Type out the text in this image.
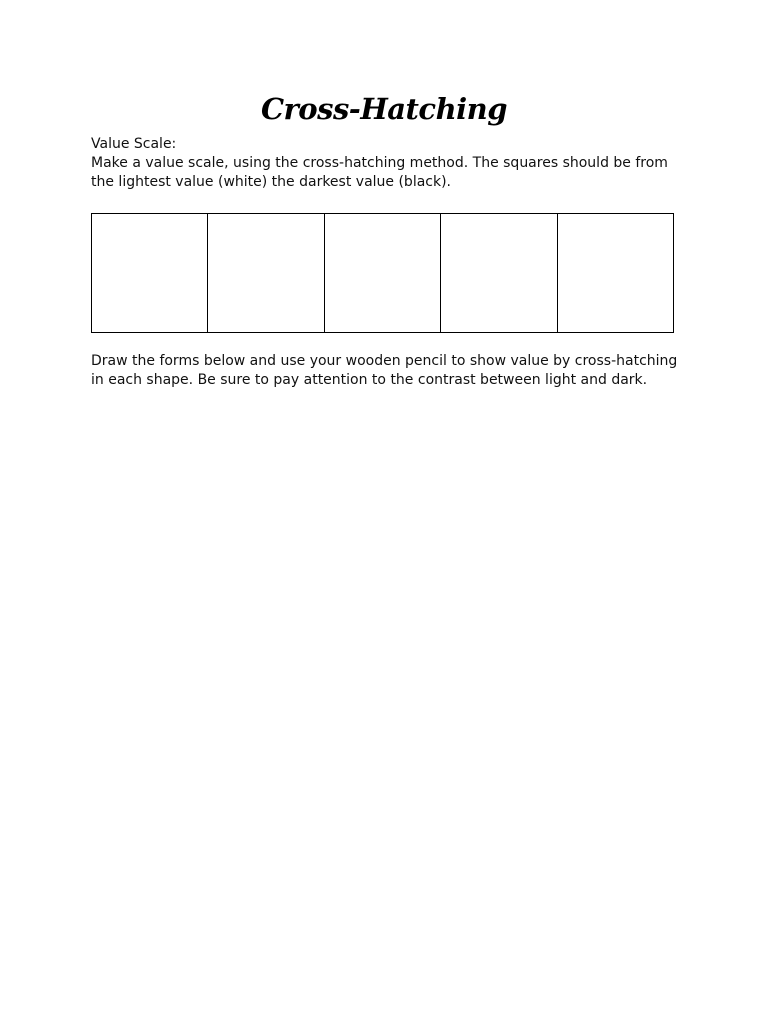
Cross-Hatching
Value Scale:
Make a value scale, using the cross-hatching method. The squares should be from the lightest value (white) the darkest value (black).
Draw the forms below and use your wooden pencil to show value by cross-hatching in each shape. Be sure to pay attention to the contrast between light and dark.
